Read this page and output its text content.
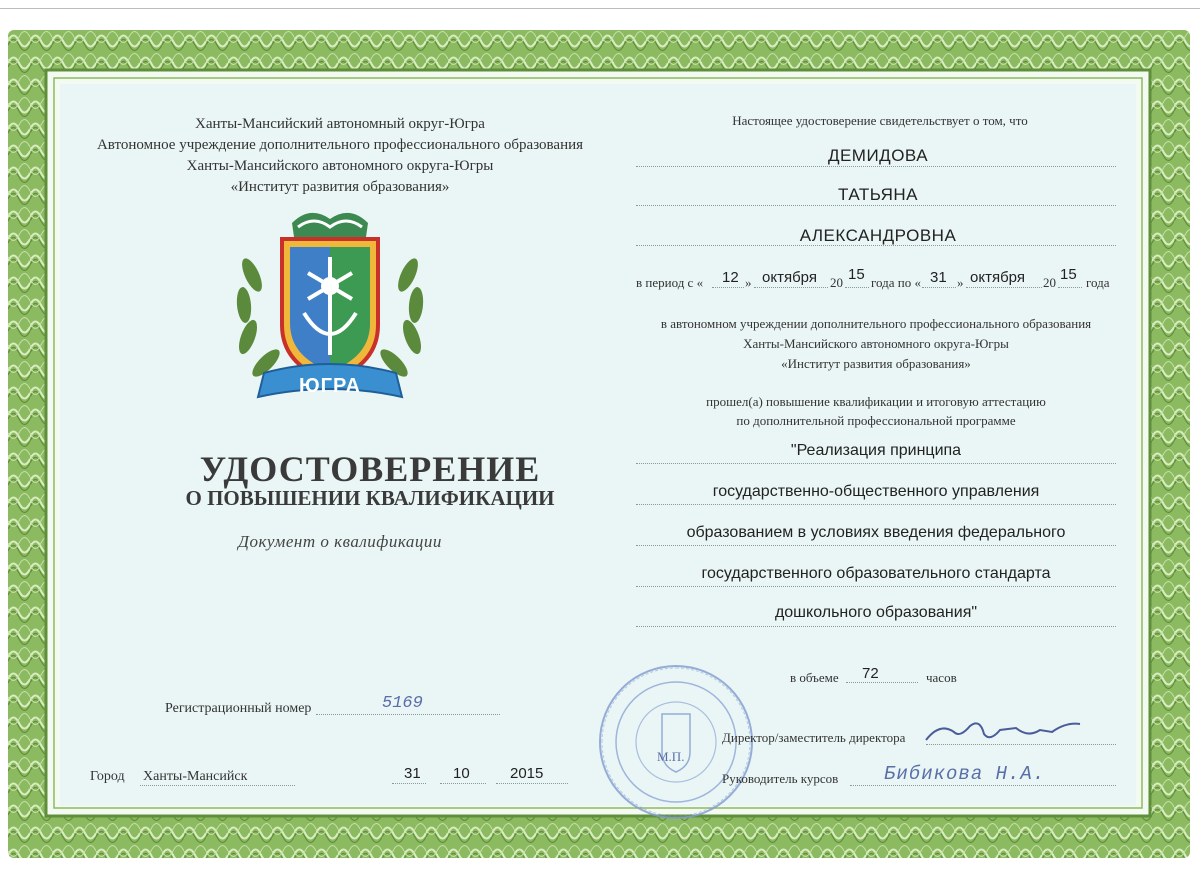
Ханты-Мансийский автономный округ-Югра
Автономное учреждение дополнительного профессионального образования
Ханты-Мансийского автономного округа-Югры
«Институт развития образования»
ЮГРА
УДОСТОВЕРЕНИЕ
О ПОВЫШЕНИИ КВАЛИФИКАЦИИ
Документ о квалификации
Регистрационный номер	5169
Город Ханты-Мансийск	31 10	2015
Настоящее удостоверение свидетельствует о том, что
ДЕМИДОВА
ТАТЬЯНА
АЛЕКСАНДРОВНА
в период с « 12 » октября 20 15 года по « 31 » октября 20 15 года
в автономном учреждении дополнительного профессионального образования
Ханты-Мансийского автономного округа-Югры
«Институт развития образования»
прошел(а) повышение квалификации и итоговую аттестацию
по дополнительной профессиональной программе
"Реализация принципа
государственно-общественного управления
образованием в условиях введения федерального
государственного образовательного стандарта
дошкольного образования"
в объеме 72	часов
М.П.
Директор/заместитель директора
Руководитель курсов Бибикова Н.А.
